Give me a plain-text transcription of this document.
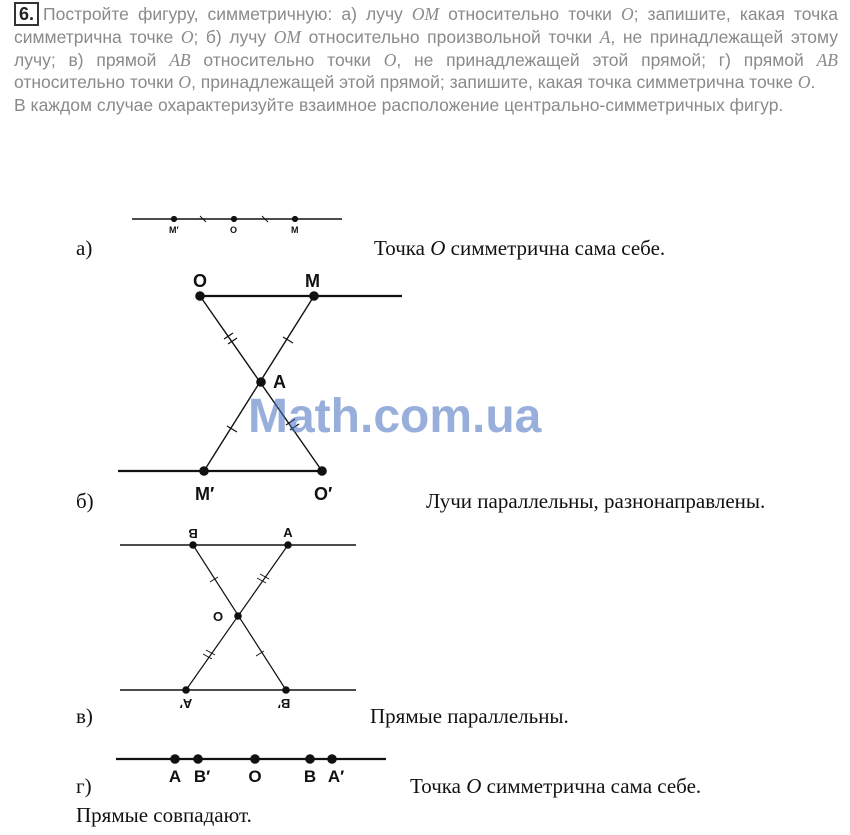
6. Постройте фигуру, симметричную: а) лучу OM относительно точки O; запишите, какая точка симметрична точке O; б) лучу OM относительно произвольной точки A, не принадлежащей этому лучу; в) прямой AB относительно точки O, не принадлежащей этой прямой; г) прямой AB относительно точки O, принадлежащей этой прямой; запишите, какая точка симметрична точке O.
В каждом случае охарактеризуйте взаимное расположение центрально-симметричных фигур.
а)	Точка O симметрична сама себе.
б)	Лучи параллельны, разнонаправлены.
в)	Прямые параллельны.
г)	Точка O симметрична сама себе.
Прямые совпадают.
M′	O	M
O	M
A
M′	O′
B	A
O
A′	B′
A B′ O B A′
Math.com.ua
